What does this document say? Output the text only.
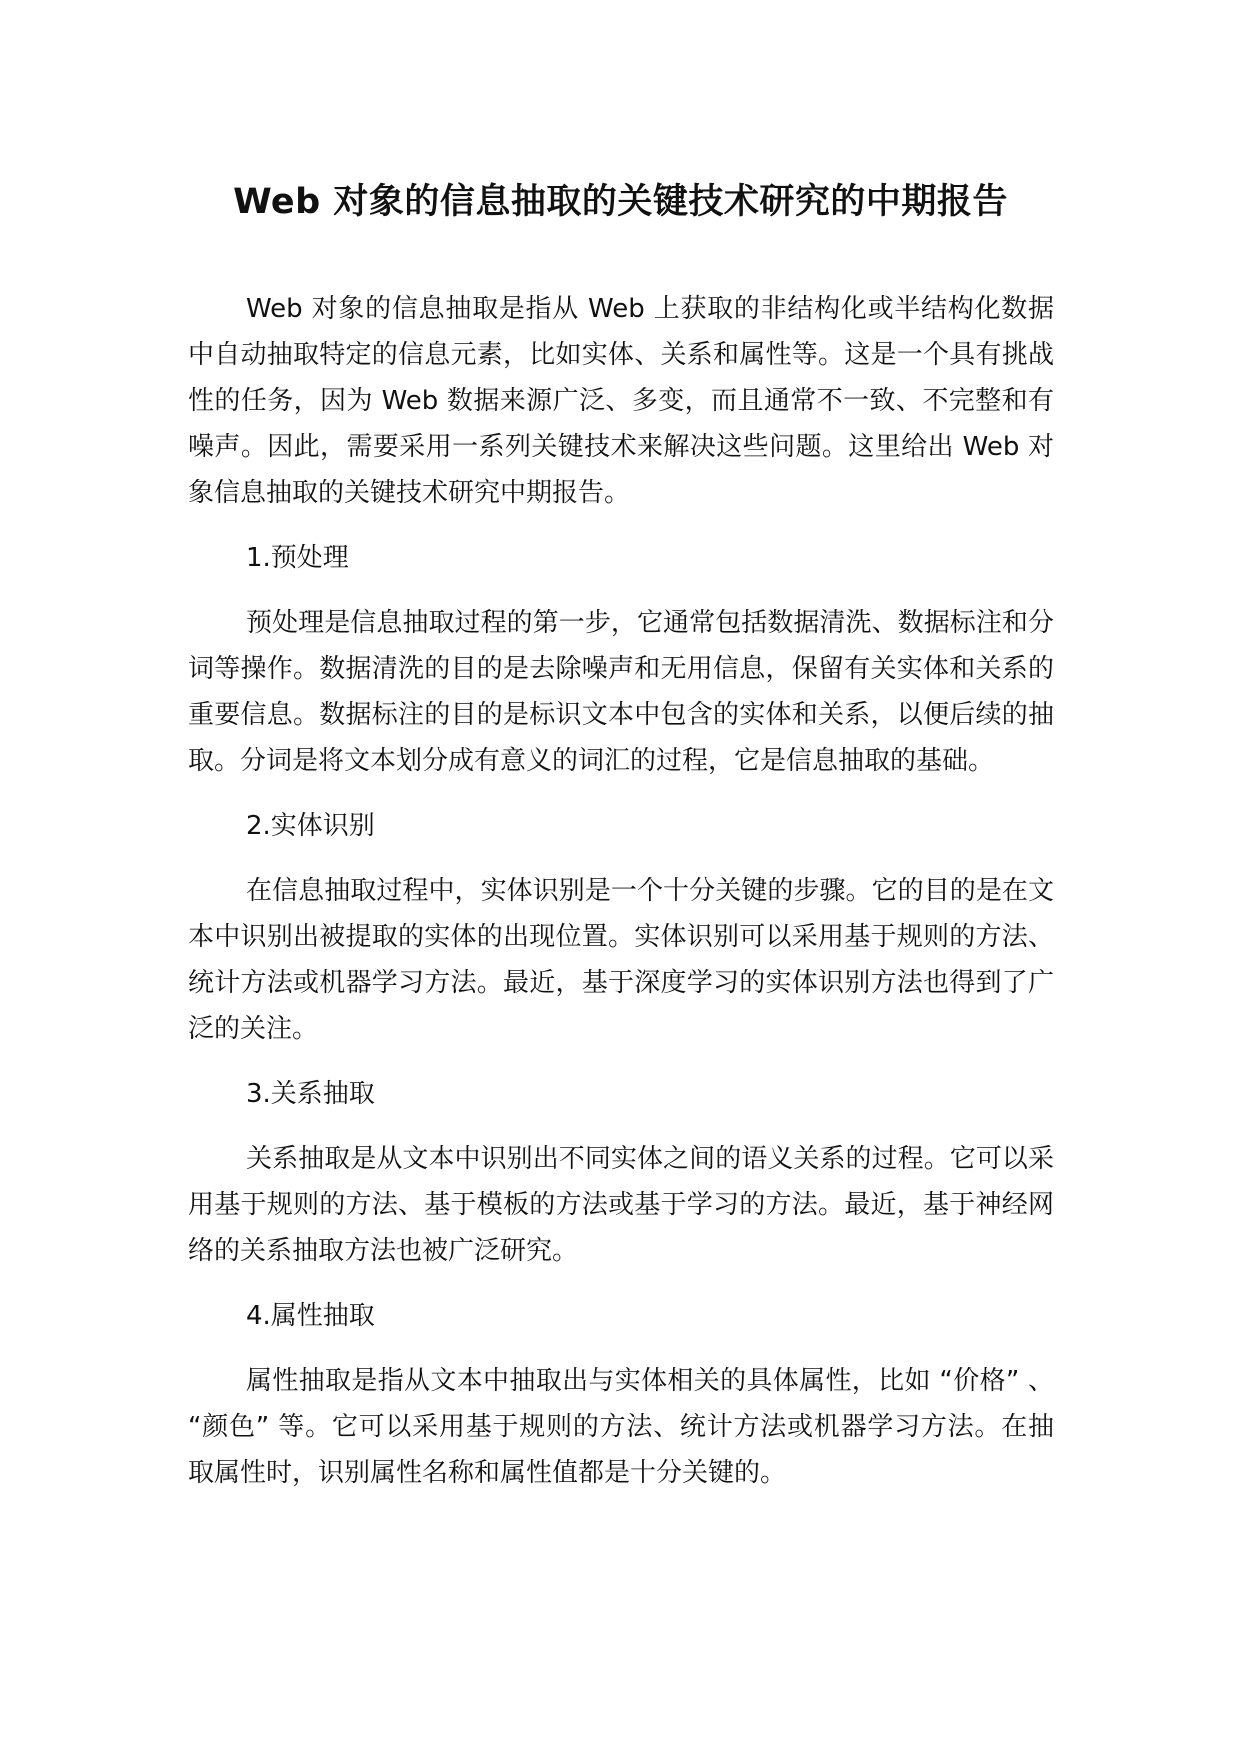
Web 对象的信息抽取的关键技术研究的中期报告

Web 对象的信息抽取是指从 Web 上获取的非结构化或半结构化数据中自动抽取特定的信息元素，比如实体、关系和属性等。这是一个具有挑战性的任务，因为 Web 数据来源广泛、多变，而且通常不一致、不完整和有噪声。因此，需要采用一系列关键技术来解决这些问题。这里给出 Web 对象信息抽取的关键技术研究中期报告。

1.预处理

预处理是信息抽取过程的第一步，它通常包括数据清洗、数据标注和分词等操作。数据清洗的目的是去除噪声和无用信息，保留有关实体和关系的重要信息。数据标注的目的是标识文本中包含的实体和关系，以便后续的抽取。分词是将文本划分成有意义的词汇的过程，它是信息抽取的基础。

2.实体识别

在信息抽取过程中，实体识别是一个十分关键的步骤。它的目的是在文本中识别出被提取的实体的出现位置。实体识别可以采用基于规则的方法、统计方法或机器学习方法。最近，基于深度学习的实体识别方法也得到了广泛的关注。

3.关系抽取

关系抽取是从文本中识别出不同实体之间的语义关系的过程。它可以采用基于规则的方法、基于模板的方法或基于学习的方法。最近，基于神经网络的关系抽取方法也被广泛研究。

4.属性抽取

属性抽取是指从文本中抽取出与实体相关的具体属性，比如 “价格” 、 “颜色” 等。它可以采用基于规则的方法、统计方法或机器学习方法。在抽取属性时，识别属性名称和属性值都是十分关键的。
